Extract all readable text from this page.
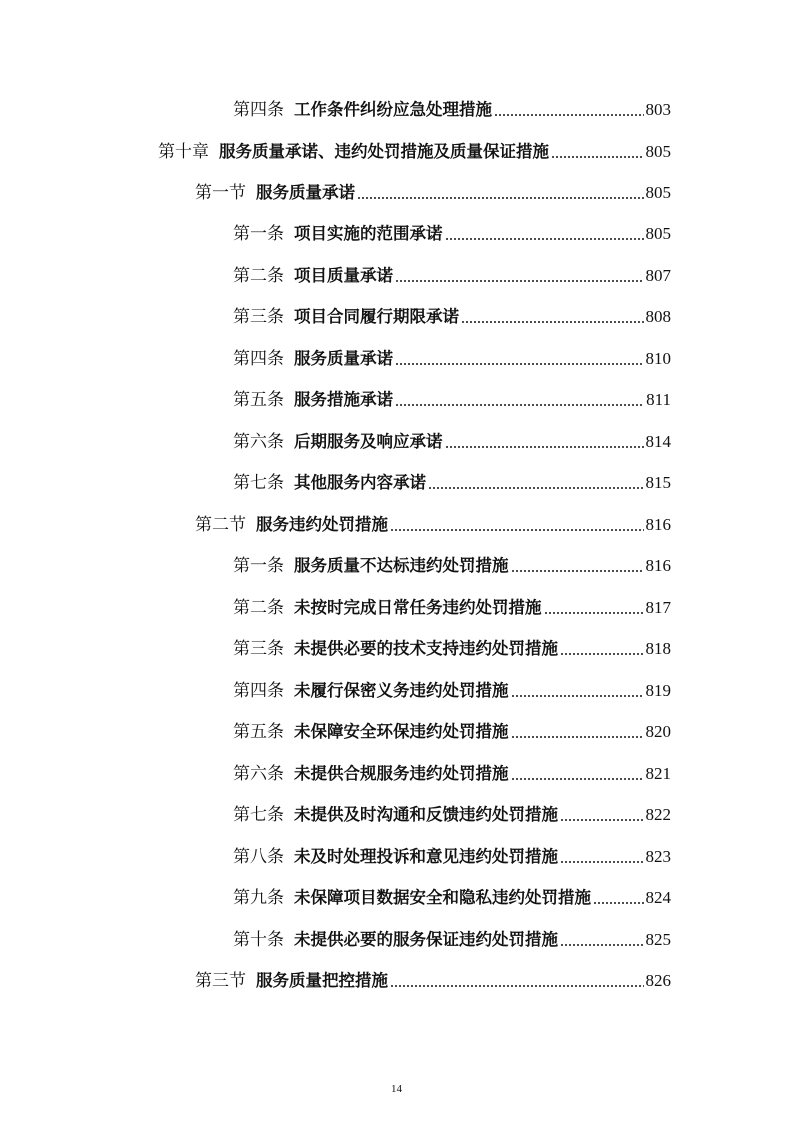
第四条 工作条件纠纷应急处理措施	803
第十章 服务质量承诺、违约处罚措施及质量保证措施	805
第一节 服务质量承诺	805
第一条 项目实施的范围承诺	805
第二条 项目质量承诺	807
第三条 项目合同履行期限承诺	808
第四条 服务质量承诺	810
第五条 服务措施承诺	811
第六条 后期服务及响应承诺	814
第七条 其他服务内容承诺	815
第二节 服务违约处罚措施	816
第一条 服务质量不达标违约处罚措施	816
第二条 未按时完成日常任务违约处罚措施	817
第三条 未提供必要的技术支持违约处罚措施	818
第四条 未履行保密义务违约处罚措施	819
第五条 未保障安全环保违约处罚措施	820
第六条 未提供合规服务违约处罚措施	821
第七条 未提供及时沟通和反馈违约处罚措施	822
第八条 未及时处理投诉和意见违约处罚措施	823
第九条 未保障项目数据安全和隐私违约处罚措施	824
第十条 未提供必要的服务保证违约处罚措施	825
第三节 服务质量把控措施	826
14
